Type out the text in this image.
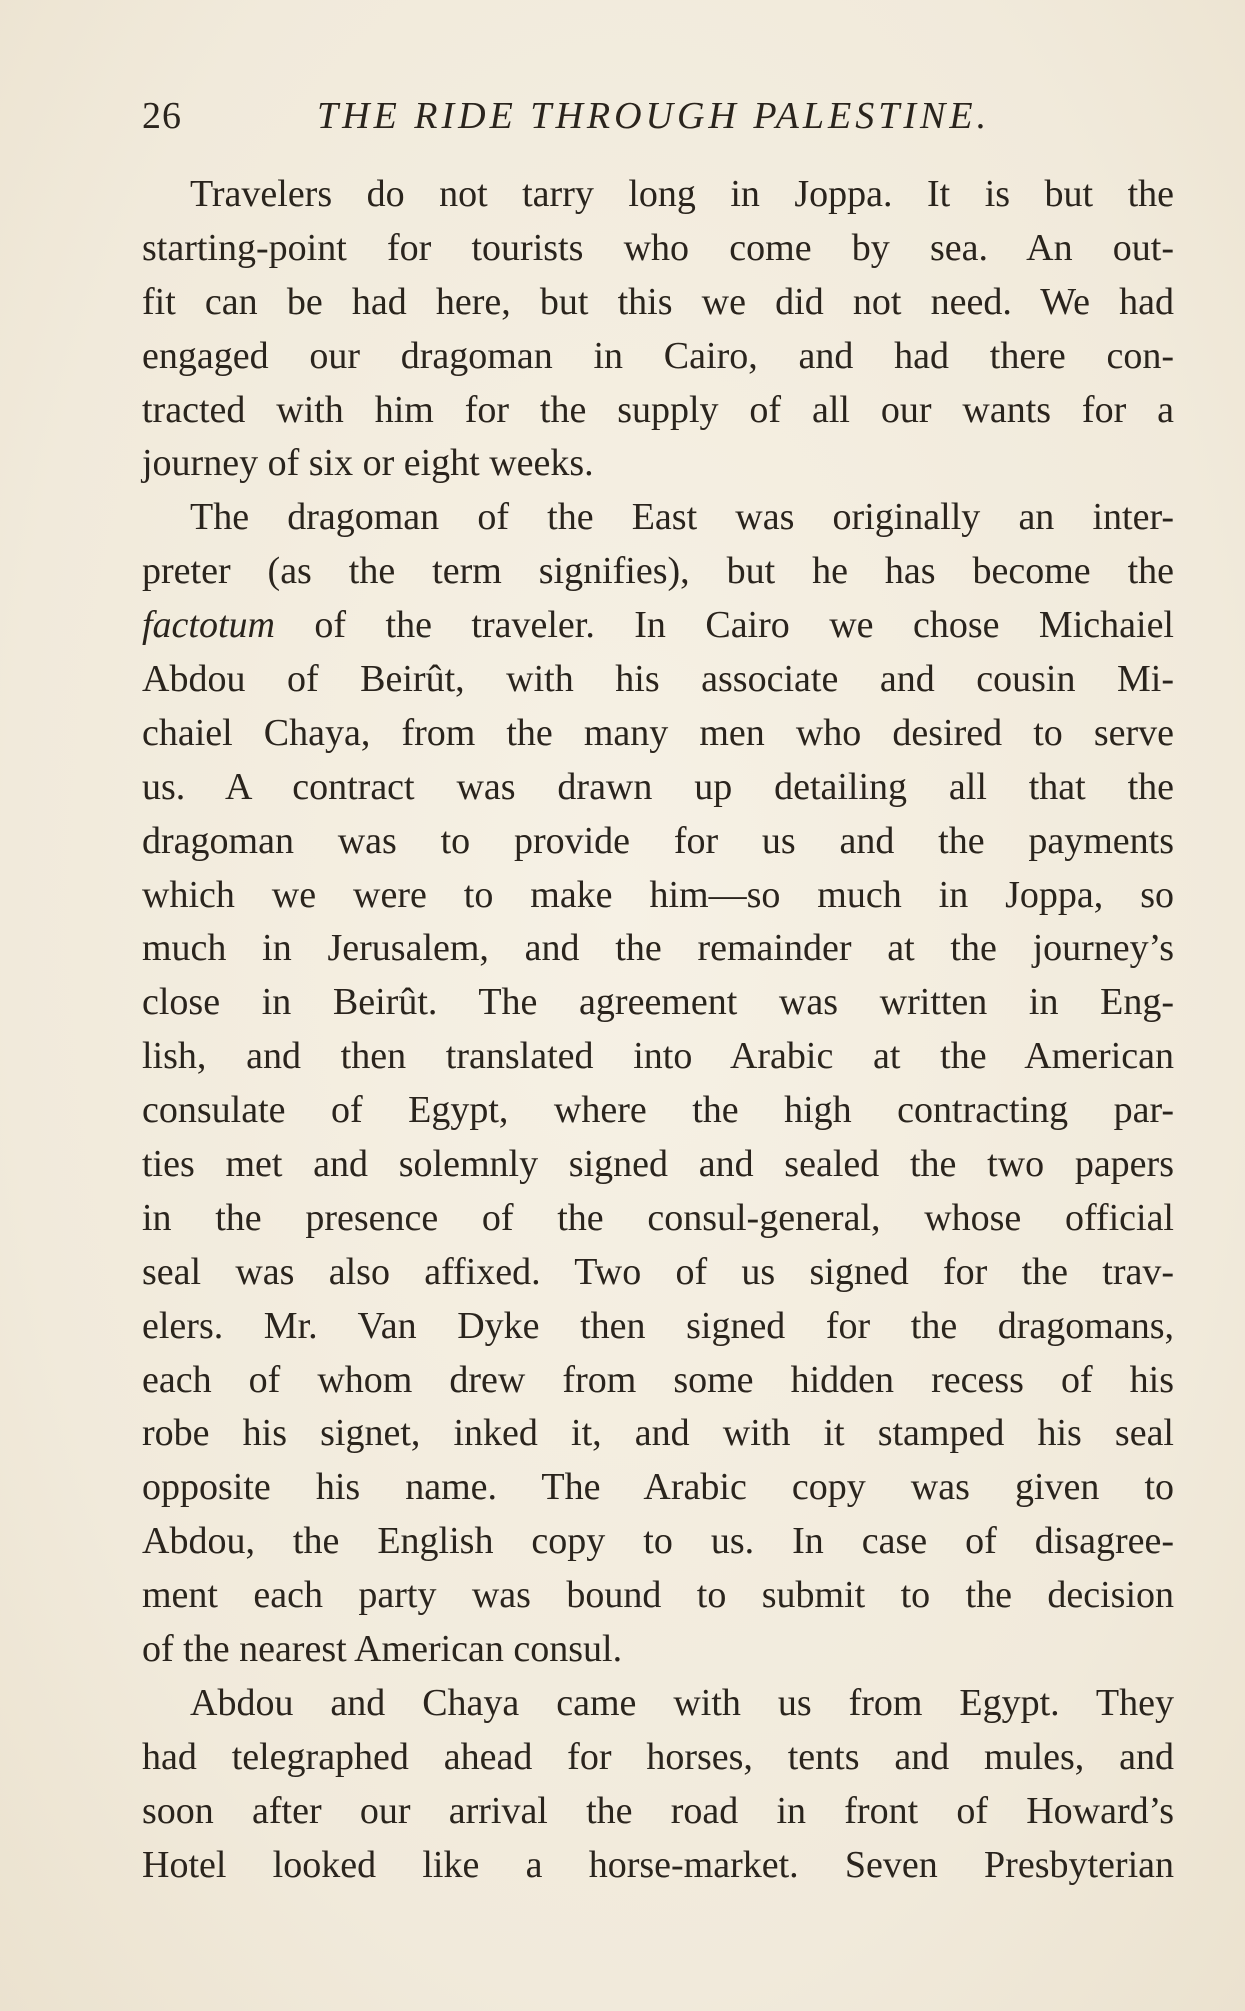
26	THE RIDE THROUGH PALESTINE.
Travelers do not tarry long in Joppa. It is but the
starting-point for tourists who come by sea. An out-
fit can be had here, but this we did not need. We had
engaged our dragoman in Cairo, and had there con-
tracted with him for the supply of all our wants for a
journey of six or eight weeks.
The dragoman of the East was originally an inter-
preter (as the term signifies), but he has become the
factotum of the traveler. In Cairo we chose Michaiel
Abdou of Beirût, with his associate and cousin Mi-
chaiel Chaya, from the many men who desired to serve
us. A contract was drawn up detailing all that the
dragoman was to provide for us and the payments
which we were to make him—so much in Joppa, so
much in Jerusalem, and the remainder at the journey’s
close in Beirût. The agreement was written in Eng-
lish, and then translated into Arabic at the American
consulate of Egypt, where the high contracting par-
ties met and solemnly signed and sealed the two papers
in the presence of the consul-general, whose official
seal was also affixed. Two of us signed for the trav-
elers. Mr. Van Dyke then signed for the dragomans,
each of whom drew from some hidden recess of his
robe his signet, inked it, and with it stamped his seal
opposite his name. The Arabic copy was given to
Abdou, the English copy to us. In case of disagree-
ment each party was bound to submit to the decision
of the nearest American consul.
Abdou and Chaya came with us from Egypt. They
had telegraphed ahead for horses, tents and mules, and
soon after our arrival the road in front of Howard’s
Hotel looked like a horse-market. Seven Presbyterian
